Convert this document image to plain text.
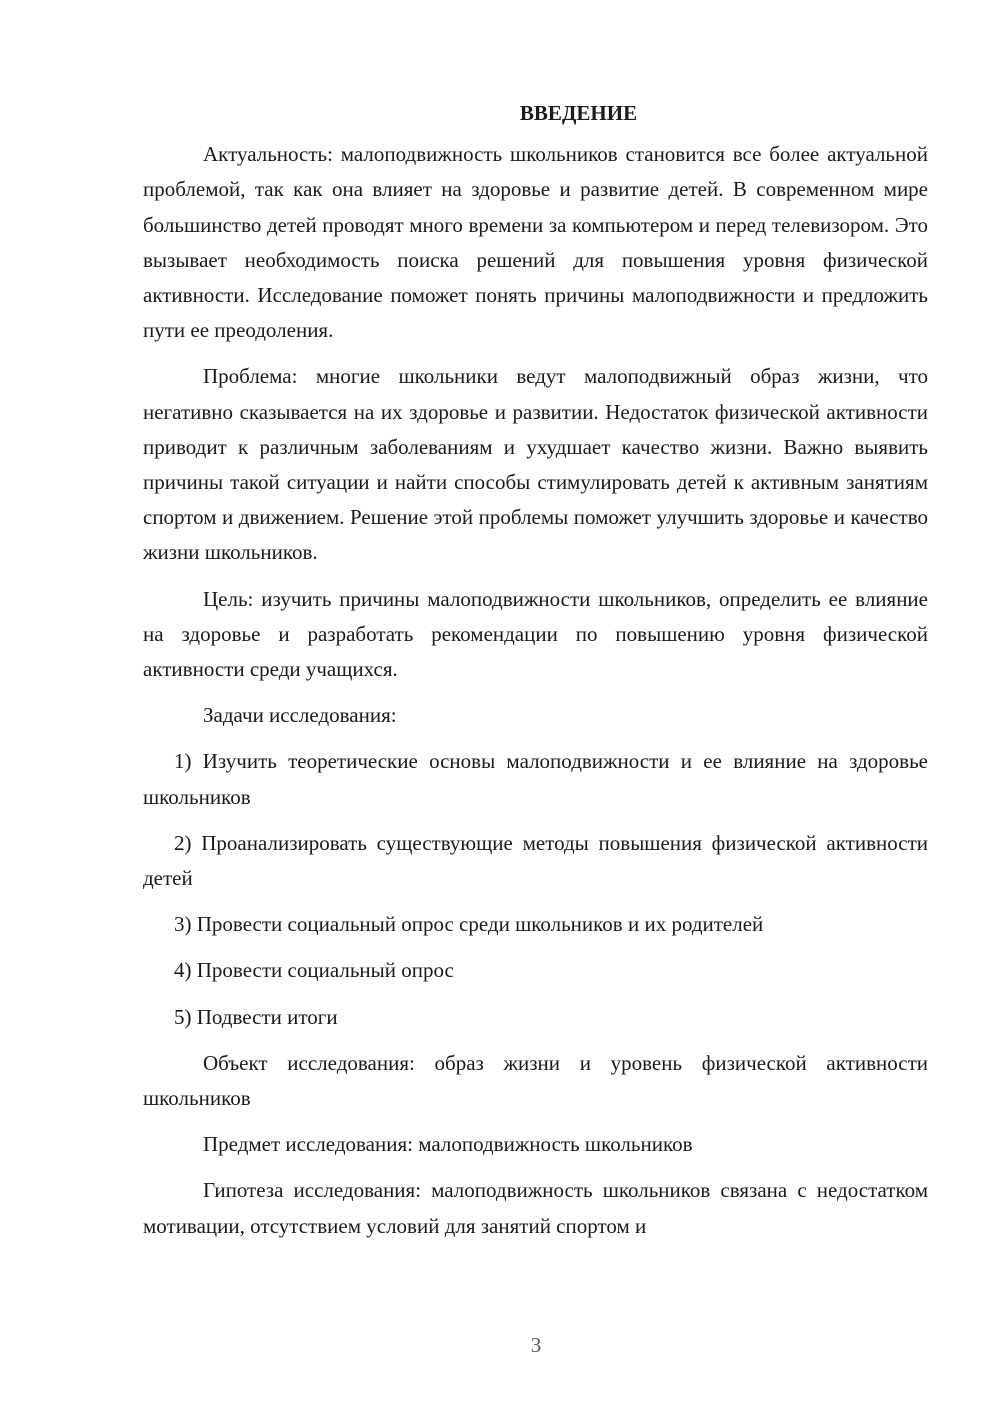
ВВЕДЕНИЕ

Актуальность: малоподвижность школьников становится все более актуальной проблемой, так как она влияет на здоровье и развитие детей. В современном мире большинство детей проводят много времени за компьютером и перед телевизором. Это вызывает необходимость поиска решений для повышения уровня физической активности. Исследование поможет понять причины малоподвижности и предложить пути ее преодоления.

Проблема: многие школьники ведут малоподвижный образ жизни, что негативно сказывается на их здоровье и развитии. Недостаток физической активности приводит к различным заболеваниям и ухудшает качество жизни. Важно выявить причины такой ситуации и найти способы стимулировать детей к активным занятиям спортом и движением. Решение этой проблемы поможет улучшить здоровье и качество жизни школьников.

Цель: изучить причины малоподвижности школьников, определить ее влияние на здоровье и разработать рекомендации по повышению уровня физической активности среди учащихся.

Задачи исследования:

1) Изучить теоретические основы малоподвижности и ее влияние на здоровье школьников

2) Проанализировать существующие методы повышения физической активности детей

3) Провести социальный опрос среди школьников и их родителей

4) Провести социальный опрос

5) Подвести итоги

Объект исследования: образ жизни и уровень физической активности школьников

Предмет исследования: малоподвижность школьников

Гипотеза исследования: малоподвижность школьников связана с недостатком мотивации, отсутствием условий для занятий спортом и

3
